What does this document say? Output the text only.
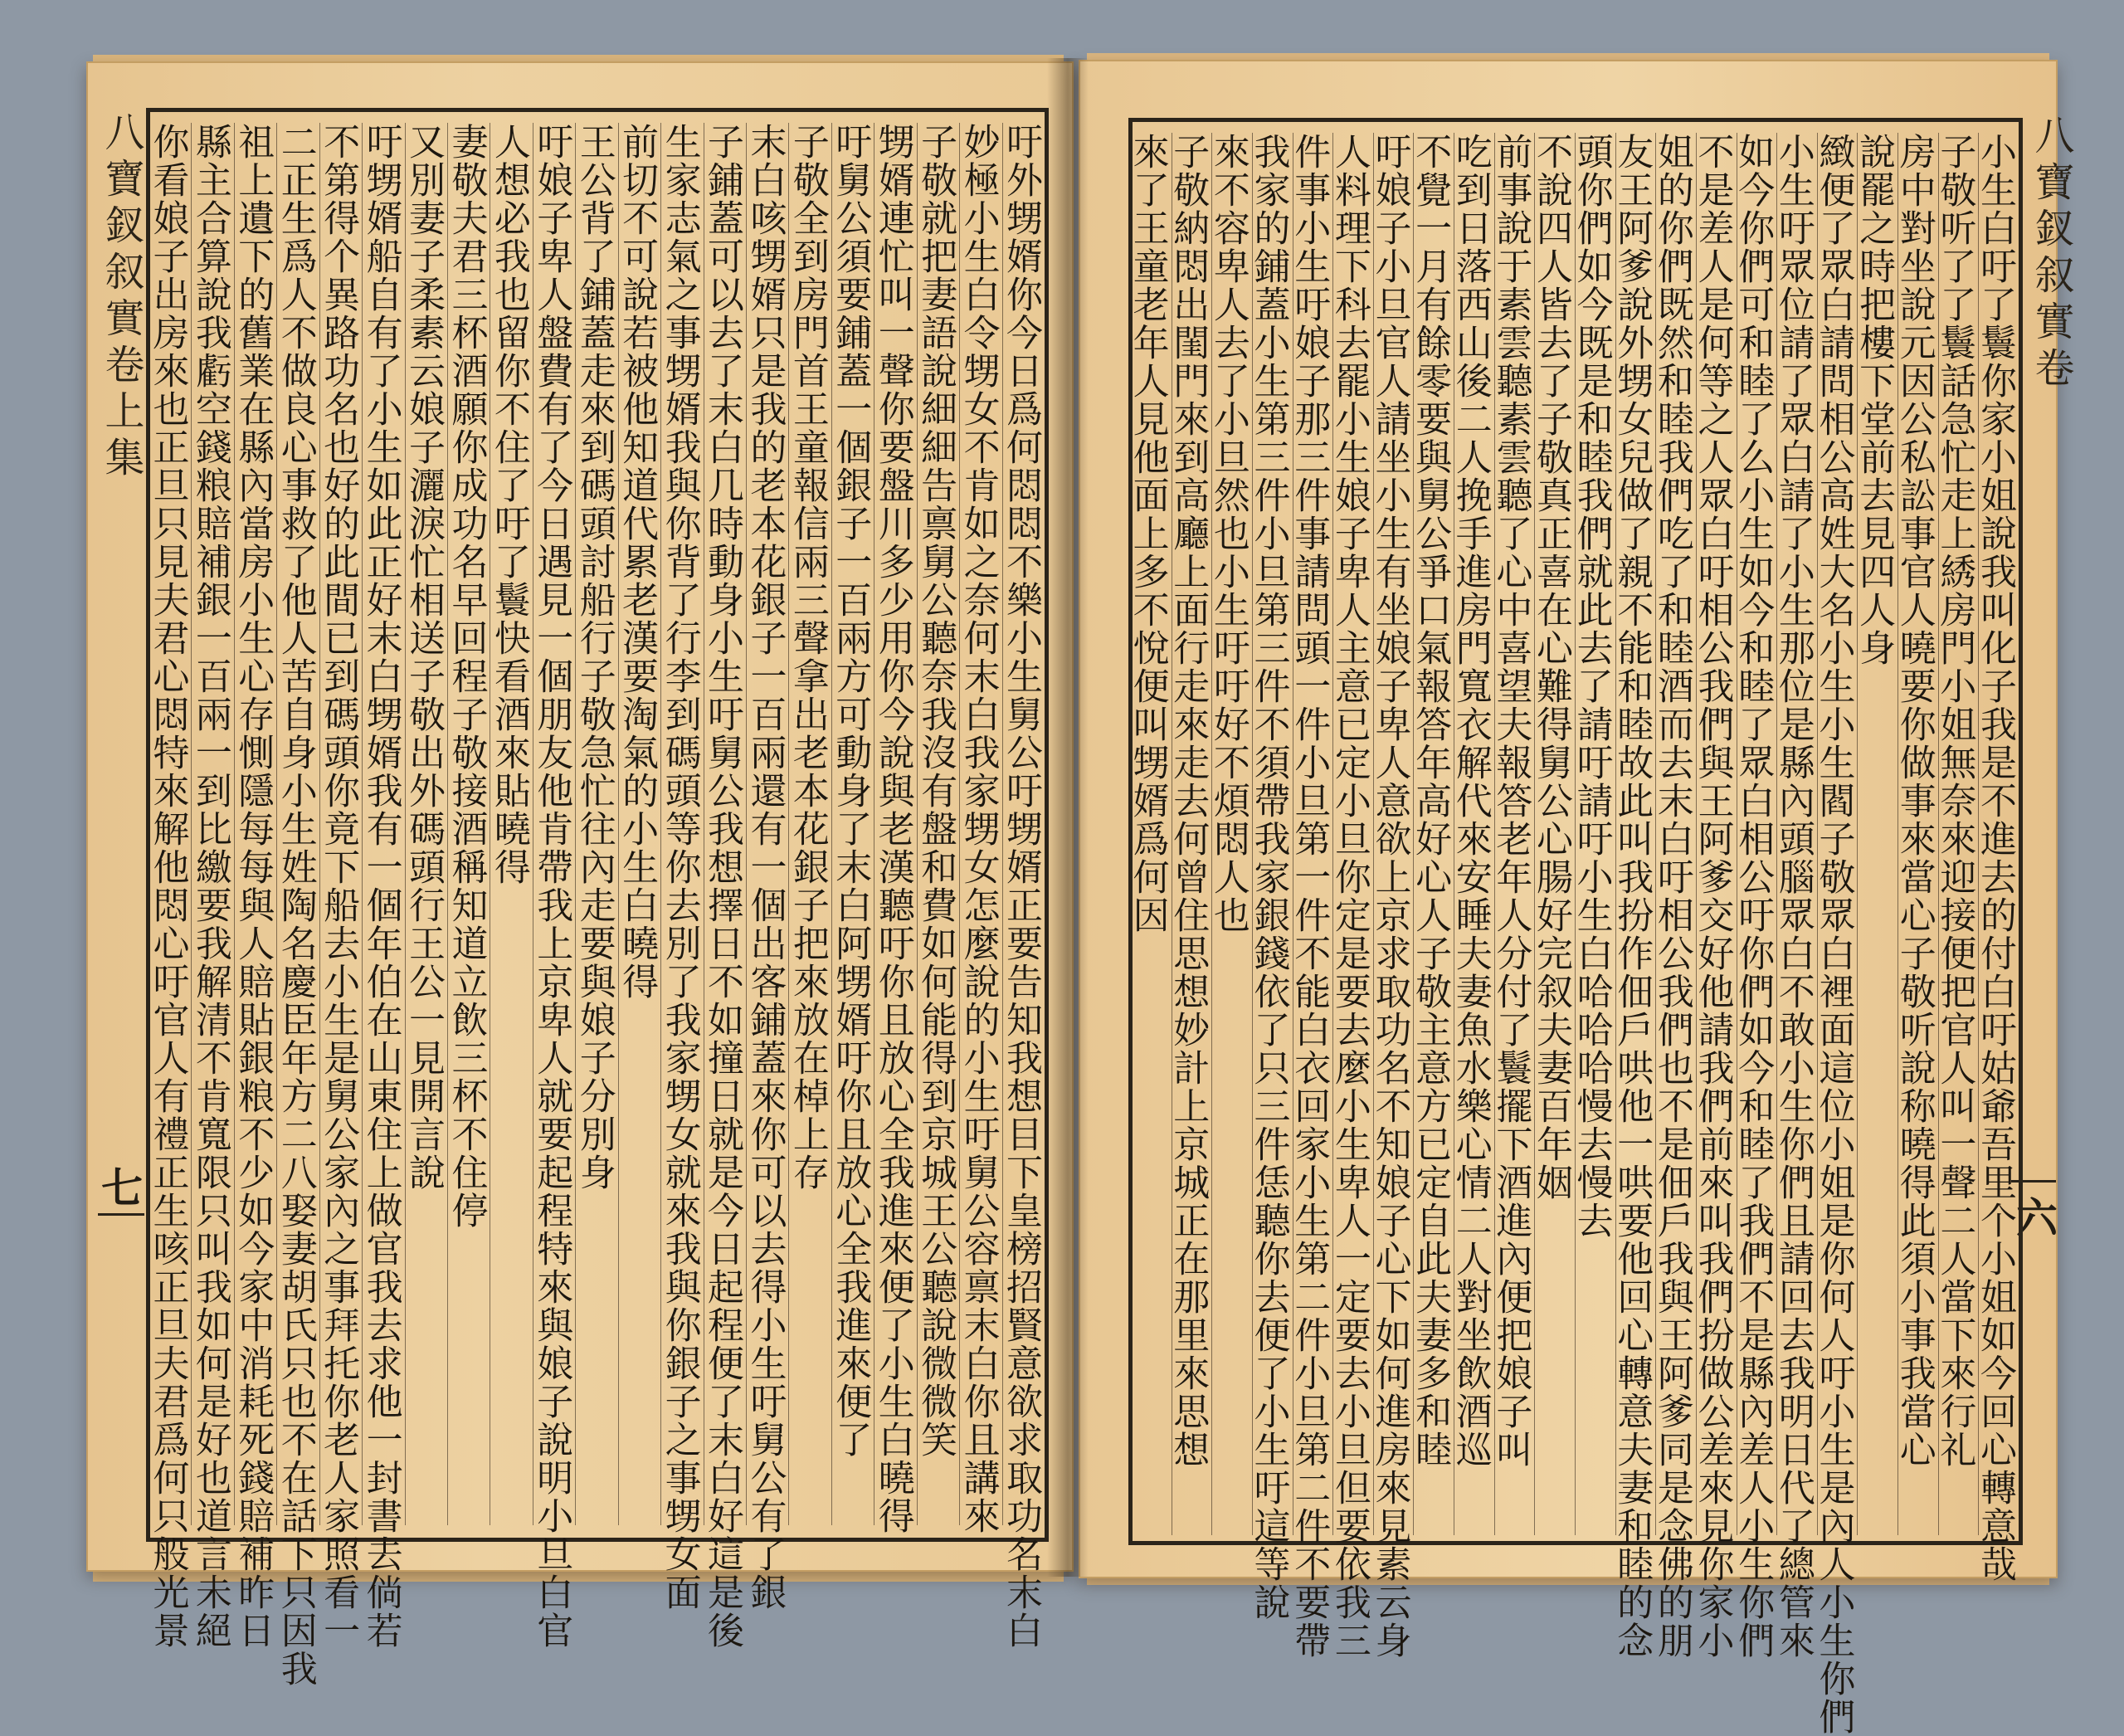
八寶釵叙實卷上集
七	吁外甥婿你今日爲何悶悶不樂小生舅公吁甥婿正要告知我想目下皇榜招賢意欲求取功名末白
妙極小生白令甥女不肯如之奈何末白我家甥女怎麼說的小生吁舅公容禀末白你且講來
子敬就把妻語說細細告禀舅公聽奈我沒有盤和費如何能得到京城王公聽說微微笑
甥婿連忙叫一聲你要盤川多少用你今說與老漢聽吁你且放心全我進來便了小生白曉得
吁舅公須要鋪蓋一個銀子一百兩方可動身了末白阿甥婿吁你且放心全我進來便了
子敬全到房門首王童報信兩三聲拿出老本花銀子把來放在棹上存
末白咳甥婿只是我的老本花銀子一百兩還有一個出客鋪蓋來你可以去得小生吁舅公有了銀
子鋪蓋可以去了末白几時動身小生吁舅公我想擇日不如撞日就是今日起程便了末白好這是後
生家志氣之事甥婿我與你背了行李到碼頭等你去別了我家甥女就來我與你銀子之事甥女面
前切不可說若被他知道代累老漢要淘氣的小生白曉得
王公背了鋪蓋走來到碼頭討船行子敬急忙往內走要與娘子分別身
吁娘子卑人盤費有了今日遇見一個朋友他肯帶我上京卑人就要起程特來與娘子說明小旦白官
人想必我也留你不住了吁了鬟快看酒來貼曉得
妻敬夫君三杯酒願你成功名早回程子敬接酒稱知道立飲三杯不住停
又別妻子柔素云娘子灑淚忙相送子敬出外碼頭行王公一見開言說
吁甥婿船自有了小生如此正好末白甥婿我有一個年伯在山東住上做官我去求他一封書去倘若
不第得个異路功名也好的此間已到碼頭你竟下船去小生是舅公家內之事拜托你老人家照看一
二正生爲人不做良心事救了他人苦自身小生姓陶名慶臣年方二八娶妻胡氏只也不在話下只因我
祖上遺下的舊業在縣內當房小生心存惻隱每每與人賠貼銀粮不少如今家中消耗死錢賠補昨日
縣主合算說我虧空錢粮賠補銀一百兩一到比繳要我解清不肯寬限只叫我如何是好也道言未絕
你看娘子出房來也正旦只見夫君心悶特來解他悶心吁官人有禮正生咳正旦夫君爲何只般光景	八寶釵叙實卷
六
小生白吁了鬟你家小姐說我叫化子我是不進去的付白吁姑爺吾里个小姐如今回心轉意哉
子敬听了了鬟話急忙走上綉房門小姐無奈來迎接便把官人叫一聲二人當下來行礼
房中對坐說元因公私訟事官人曉要你做事來當心子敬听說称曉得此須小事我當心
說罷之時把樓下堂前去見四人身
緻便了眾白請問相公高姓大名小生小生閻子敬眾白裡面這位小姐是你何人吁小生是內人小生你們
小生吁眾位請了眾白請了小生那位是縣內頭腦眾白不敢小生你們且請回去我明日代了總管來
如今你們可和睦了么小生如今和睦了眾白相公吁你們如今和睦了我們不是縣內差人小生你們
不是差人是何等之人眾白吁相公我們與王阿爹交好他請我們前來叫我們扮做公差來見你家小
姐的你們既然和睦我們吃了和睦酒而去末白吁相公我們也不是佃戶我與王阿爹同是念佛的朋
友王阿爹說外甥女兒做了親不能和睦故此叫我扮作佃戶哄他一哄要他回心轉意夫妻和睦的念
頭你們如今既是和睦我們就此去了請吁請吁小生白哈哈哈慢去慢去
不說四人皆去了子敬真正喜在心難得舅公心腸好完叙夫妻百年姻
前事說于素雲聽素雲聽了心中喜望夫報答老年人分付了鬟擺下酒進內便把娘子叫
吃到日落西山後二人挽手進房門寬衣解代來安睡夫妻魚水樂心情二人對坐飲酒巡
不覺一月有餘零要與舅公爭口氣報答年高好心人子敬主意方已定自此夫妻多和睦
吁娘子小旦官人請坐小生有坐娘子卑人意欲上京求取功名不知娘子心下如何進房來見素云身
人料理下科去罷小生娘子卑人主意已定小旦你定是要去麼小生卑人一定要去小旦但要依我三
件事小生吁娘子那三件事請問頭一件小旦第一件不能白衣回家小生第二件小旦第二件不要帶
我家的鋪蓋小生第三件小旦第三件不須帶我家銀錢依了只三件恁聽你去便了小生吁這等說
來不容卑人去了小旦然也小生吁吁好不煩悶人也
子敬納悶出閨門來到高廳上面行走來走去何曾住思想妙計上京城正在那里來思想
來了王童老年人見他面上多不悅便叫甥婿爲何因
